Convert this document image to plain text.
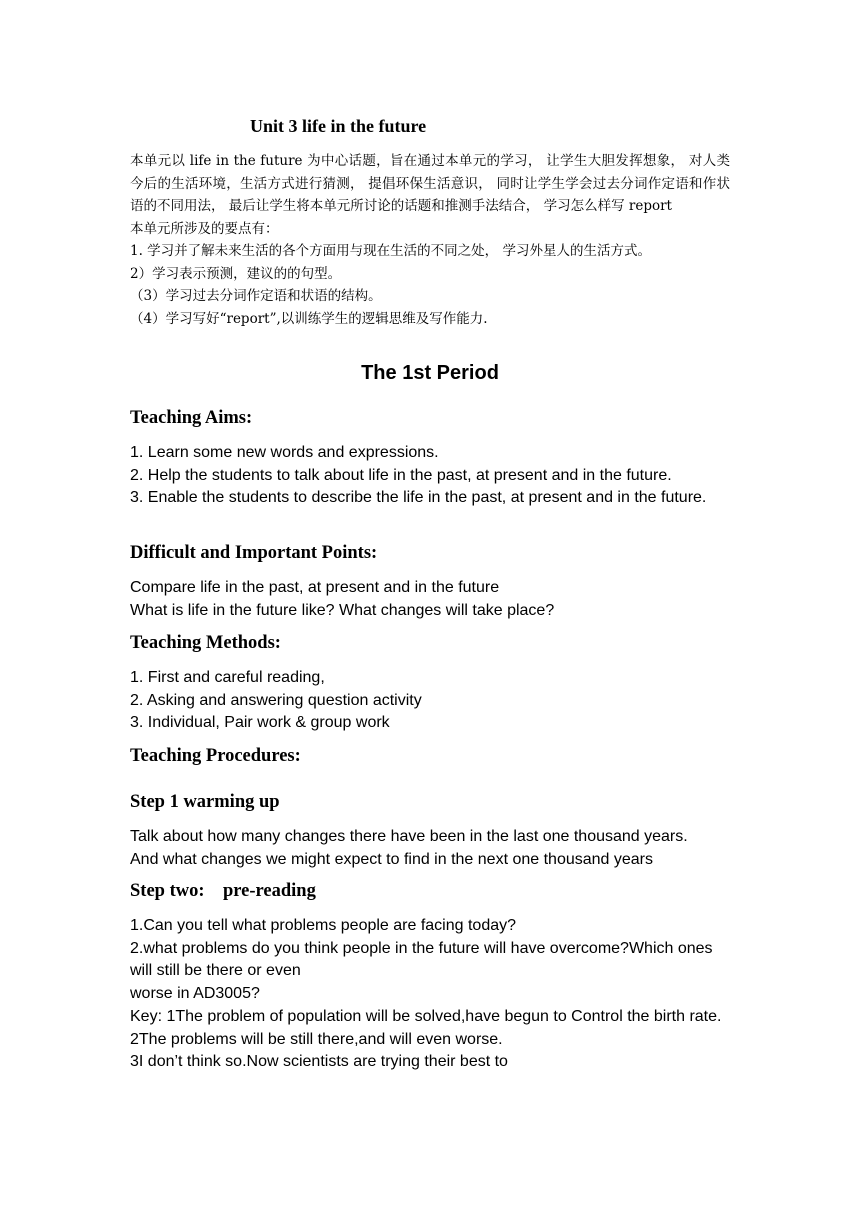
Unit 3 life in the future

本单元以 life in the future 为中心话题，旨在通过本单元的学习， 让学生大胆发挥想象， 对人类今后的生活环境，生活方式进行猜测， 提倡环保生活意识， 同时让学生学会过去分词作定语和作状语的不同用法， 最后让学生将本单元所讨论的话题和推测手法结合， 学习怎么样写 report

本单元所涉及的要点有：

1. 学习并了解未来生活的各个方面用与现在生活的不同之处， 学习外星人的生活方式。

2）学习表示预测，建议的的句型。

（3）学习过去分词作定语和状语的结构。

（4）学习写好“report”,以训练学生的逻辑思维及写作能力.

The 1st Period
Teaching Aims:

1. Learn some new words and expressions.

2. Help the students to talk about life in the past, at present and in the future.

3. Enable the students to describe the life in the past, at present and in the future.

Difficult and Important Points:

Compare life in the past, at present and in the future

What is life in the future like? What changes will take place?

Teaching Methods:

1. First and careful reading,

2. Asking and answering question activity

3. Individual, Pair work & group work

Teaching Procedures:
Step 1 warming up

Talk about how many changes there have been in the last one thousand years.

And what changes we might expect to find in the next one thousand years

Step two:    pre-reading

1.Can you tell what problems people are facing today?

2.what problems do you think people in the future will have overcome?Which ones will still be there or even

worse in AD3005?

Key: 1The problem of population will be solved,have begun to Control the birth rate.

2The problems will be still there,and will even worse.

3I don’t think so.Now scientists are trying their best to
